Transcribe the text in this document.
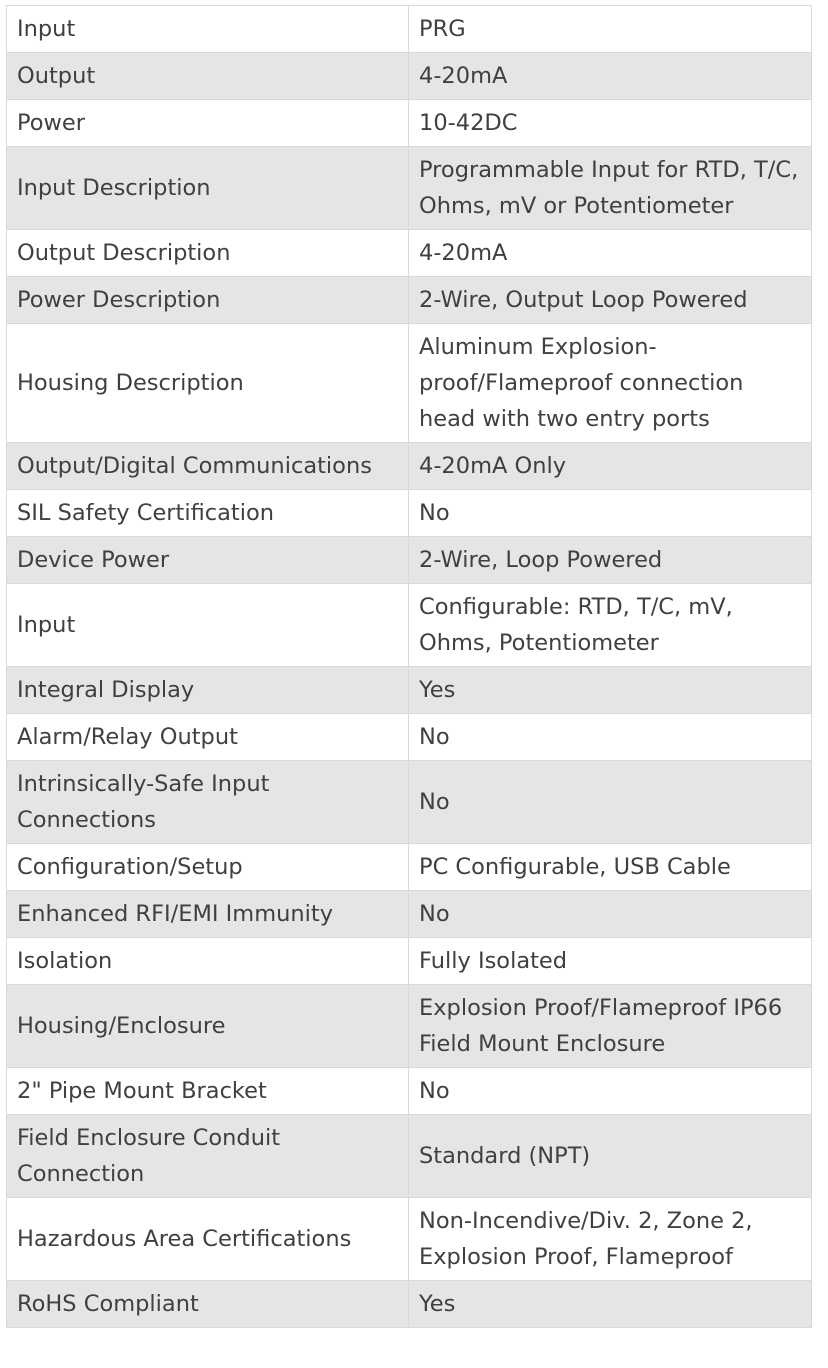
Input	PRG
Output	4-20mA
Power	10-42DC
Input Description	Programmable Input for RTD, T/C, Ohms, mV or Potentiometer
Output Description	4-20mA
Power Description	2-Wire, Output Loop Powered
Housing Description	Aluminum Explosion-proof/Flameproof connection head with two entry ports
Output/Digital Communications	4-20mA Only
SIL Safety Certification	No
Device Power	2-Wire, Loop Powered
Input	Configurable: RTD, T/C, mV, Ohms, Potentiometer
Integral Display	Yes
Alarm/Relay Output	No
Intrinsically-Safe Input Connections	No
Configuration/Setup	PC Configurable, USB Cable
Enhanced RFI/EMI Immunity	No
Isolation	Fully Isolated
Housing/Enclosure	Explosion Proof/Flameproof IP66 Field Mount Enclosure
2" Pipe Mount Bracket	No
Field Enclosure Conduit Connection	Standard (NPT)
Hazardous Area Certifications	Non-Incendive/Div. 2, Zone 2, Explosion Proof, Flameproof
RoHS Compliant	Yes
